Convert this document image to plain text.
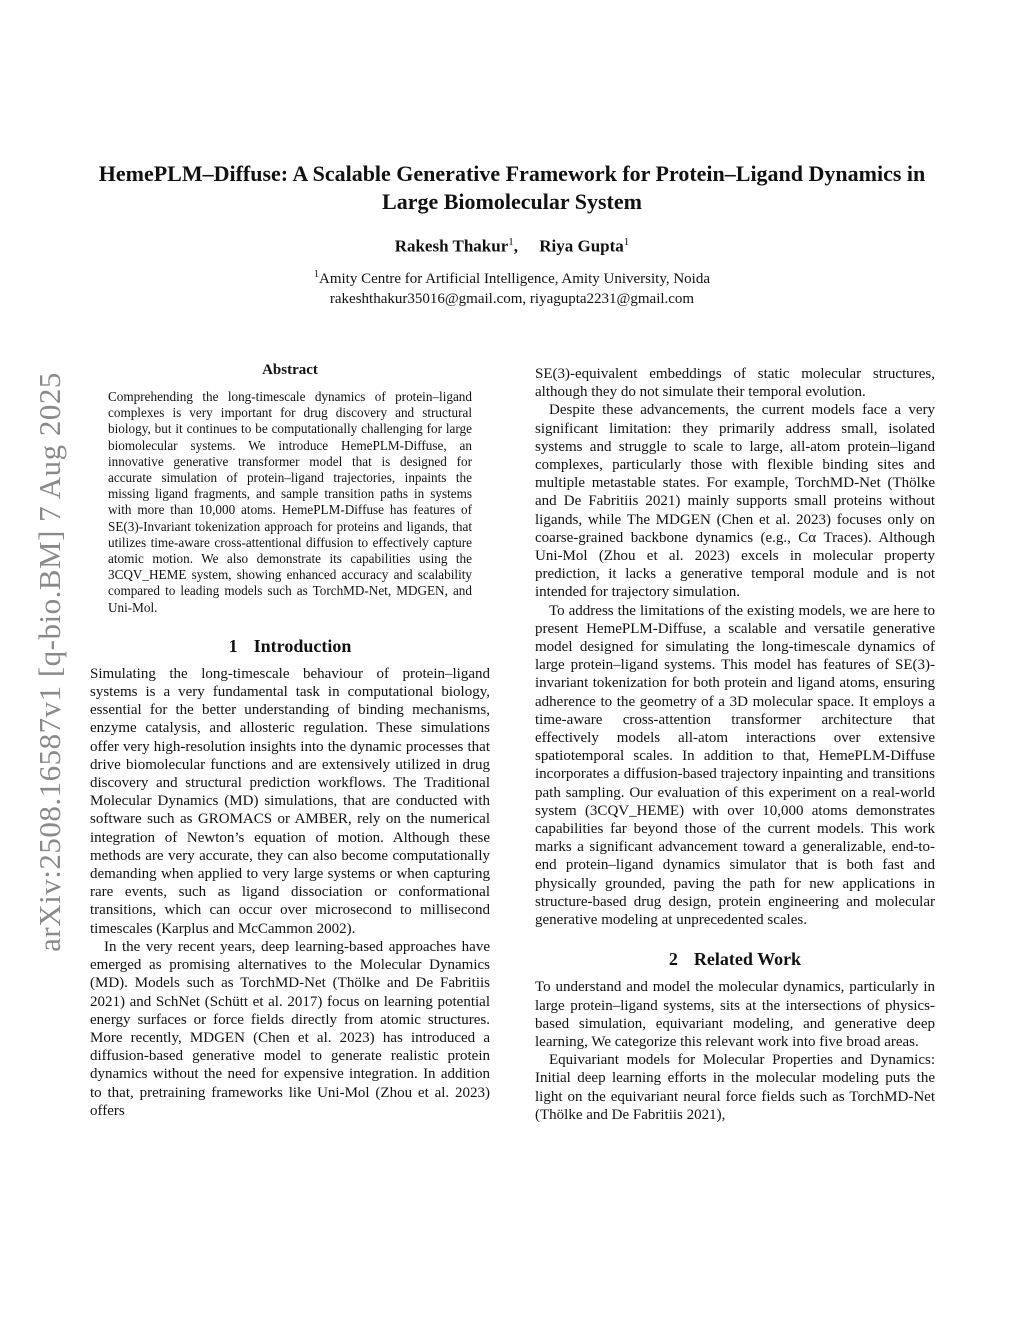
arXiv:2508.16587v1 [q-bio.BM] 7 Aug 2025
HemePLM–Diffuse: A Scalable Generative Framework for Protein–Ligand Dynamics in Large Biomolecular System
Rakesh Thakur$^1$,     Riya Gupta$^1$
$^1$Amity Centre for Artificial Intelligence, Amity University, Noida
rakeshthakur35016@gmail.com, riyagupta2231@gmail.com
Abstract
Comprehending the long-timescale dynamics of protein–ligand complexes is very important for drug discovery and structural biology, but it continues to be computationally challenging for large biomolecular systems. We introduce HemePLM-Diffuse, an innovative generative transformer model that is designed for accurate simulation of protein–ligand trajectories, inpaints the missing ligand fragments, and sample transition paths in systems with more than 10,000 atoms. HemePLM-Diffuse has features of SE(3)-Invariant tokenization approach for proteins and ligands, that utilizes time-aware cross-attentional diffusion to effectively capture atomic motion. We also demonstrate its capabilities using the 3CQV_HEME system, showing enhanced accuracy and scalability compared to leading models such as TorchMD-Net, MDGEN, and Uni-Mol.
1 Introduction

Simulating the long-timescale behaviour of protein–ligand systems is a very fundamental task in computational biology, essential for the better understanding of binding mechanisms, enzyme catalysis, and allosteric regulation. These simulations offer very high-resolution insights into the dynamic processes that drive biomolecular functions and are extensively utilized in drug discovery and structural prediction workflows. The Traditional Molecular Dynamics (MD) simulations, that are conducted with software such as GROMACS or AMBER, rely on the numerical integration of Newton’s equation of motion. Although these methods are very accurate, they can also become computationally demanding when applied to very large systems or when capturing rare events, such as ligand dissociation or conformational transitions, which can occur over microsecond to millisecond timescales (Karplus and McCammon 2002).

In the very recent years, deep learning-based approaches have emerged as promising alternatives to the Molecular Dynamics (MD). Models such as TorchMD-Net (Thölke and De Fabritiis 2021) and SchNet (Schütt et al. 2017) focus on learning potential energy surfaces or force fields directly from atomic structures. More recently, MDGEN (Chen et al. 2023) has introduced a diffusion-based generative model to generate realistic protein dynamics without the need for expensive integration. In addition to that, pretraining frameworks like Uni-Mol (Zhou et al. 2023) offers

SE(3)-equivalent embeddings of static molecular structures, although they do not simulate their temporal evolution.

Despite these advancements, the current models face a very significant limitation: they primarily address small, isolated systems and struggle to scale to large, all-atom protein–ligand complexes, particularly those with flexible binding sites and multiple metastable states. For example, TorchMD-Net (Thölke and De Fabritiis 2021) mainly supports small proteins without ligands, while The MDGEN (Chen et al. 2023) focuses only on coarse-grained backbone dynamics (e.g., Cα Traces). Although Uni-Mol (Zhou et al. 2023) excels in molecular property prediction, it lacks a generative temporal module and is not intended for trajectory simulation.

To address the limitations of the existing models, we are here to present HemePLM-Diffuse, a scalable and versatile generative model designed for simulating the long-timescale dynamics of large protein–ligand systems. This model has features of SE(3)-invariant tokenization for both protein and ligand atoms, ensuring adherence to the geometry of a 3D molecular space. It employs a time-aware cross-attention transformer architecture that effectively models all-atom interactions over extensive spatiotemporal scales. In addition to that, HemePLM-Diffuse incorporates a diffusion-based trajectory inpainting and transitions path sampling. Our evaluation of this experiment on a real-world system (3CQV_HEME) with over 10,000 atoms demonstrates capabilities far beyond those of the current models. This work marks a significant advancement toward a generalizable, end-to-end protein–ligand dynamics simulator that is both fast and physically grounded, paving the path for new applications in structure-based drug design, protein engineering and molecular generative modeling at unprecedented scales.

2 Related Work

To understand and model the molecular dynamics, particularly in large protein–ligand systems, sits at the intersections of physics-based simulation, equivariant modeling, and generative deep learning, We categorize this relevant work into five broad areas.

Equivariant models for Molecular Properties and Dynamics: Initial deep learning efforts in the molecular modeling puts the light on the equivariant neural force fields such as TorchMD-Net (Thölke and De Fabritiis 2021),
